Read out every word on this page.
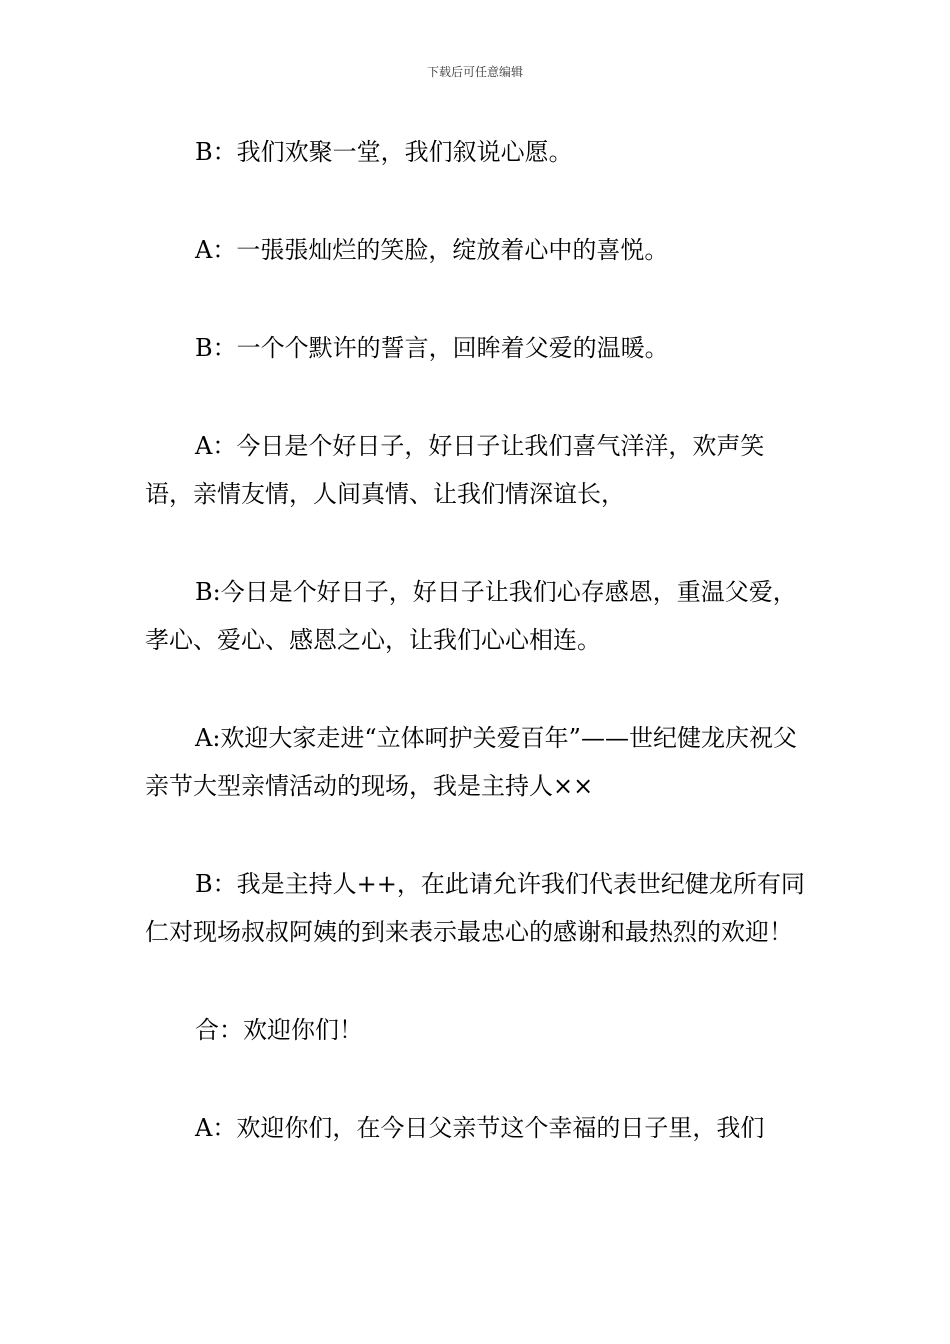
下载后可任意编辑

B：我们欢聚一堂，我们叙说心愿。

A：一張張灿烂的笑脸，绽放着心中的喜悦。

B：一个个默许的誓言，回眸着父爱的温暖。

A：今日是个好日子，好日子让我们喜气洋洋，欢声笑语，亲情友情，人间真情、让我们情深谊长，

B:今日是个好日子，好日子让我们心存感恩，重温父爱，孝心、爱心、感恩之心，让我们心心相连。

A:欢迎大家走进“立体呵护关爱百年”——世纪健龙庆祝父亲节大型亲情活动的现场，我是主持人××

B：我是主持人++，在此请允许我们代表世纪健龙所有同仁对现场叔叔阿姨的到来表示最忠心的感谢和最热烈的欢迎！

合：欢迎你们！

A：欢迎你们，在今日父亲节这个幸福的日子里，我们
